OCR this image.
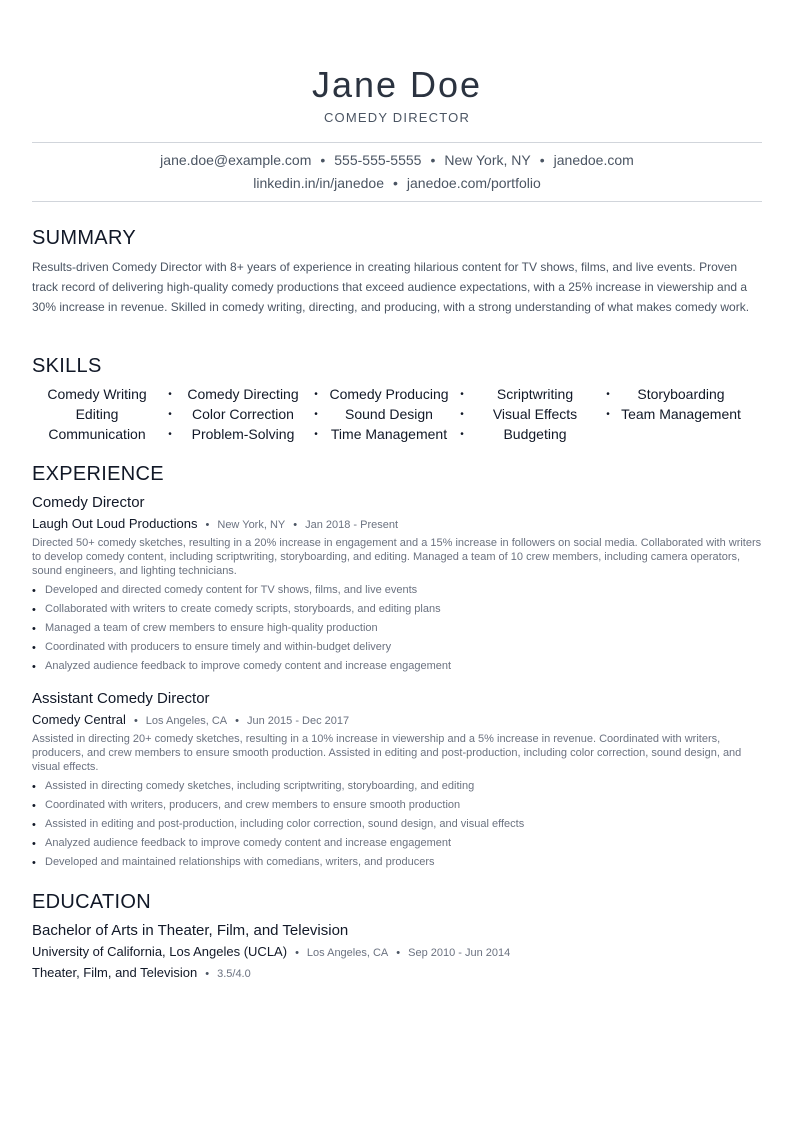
Jane Doe
COMEDY DIRECTOR
jane.doe@example.com • 555-555-5555 • New York, NY • janedoe.com
linkedin.in/in/janedoe • janedoe.com/portfolio
SUMMARY
Results-driven Comedy Director with 8+ years of experience in creating hilarious content for TV shows, films, and live events. Proven track record of delivering high-quality comedy productions that exceed audience expectations, with a 25% increase in viewership and a 30% increase in revenue. Skilled in comedy writing, directing, and producing, with a strong understanding of what makes comedy work.
SKILLS
Comedy Writing	•	Comedy Directing	• Comedy Producing	•	Scriptwriting	•	Storyboarding
Editing	•	Color Correction	•	Sound Design	•	Visual Effects	• Team Management
Communication	•	Problem-Solving	• Time Management	•	Budgeting
EXPERIENCE
Comedy Director
Laugh Out Loud Productions • New York, NY • Jan 2018 - Present
Directed 50+ comedy sketches, resulting in a 20% increase in engagement and a 15% increase in followers on social media. Collaborated with writers to develop comedy content, including scriptwriting, storyboarding, and editing. Managed a team of 10 crew members, including camera operators, sound engineers, and lighting technicians.
• Developed and directed comedy content for TV shows, films, and live events
• Collaborated with writers to create comedy scripts, storyboards, and editing plans
• Managed a team of crew members to ensure high-quality production
• Coordinated with producers to ensure timely and within-budget delivery
• Analyzed audience feedback to improve comedy content and increase engagement
Assistant Comedy Director
Comedy Central • Los Angeles, CA • Jun 2015 - Dec 2017
Assisted in directing 20+ comedy sketches, resulting in a 10% increase in viewership and a 5% increase in revenue. Coordinated with writers, producers, and crew members to ensure smooth production. Assisted in editing and post-production, including color correction, sound design, and visual effects.
• Assisted in directing comedy sketches, including scriptwriting, storyboarding, and editing
• Coordinated with writers, producers, and crew members to ensure smooth production
• Assisted in editing and post-production, including color correction, sound design, and visual effects
• Analyzed audience feedback to improve comedy content and increase engagement
• Developed and maintained relationships with comedians, writers, and producers
EDUCATION
Bachelor of Arts in Theater, Film, and Television
University of California, Los Angeles (UCLA) • Los Angeles, CA • Sep 2010 - Jun 2014
Theater, Film, and Television • 3.5/4.0
